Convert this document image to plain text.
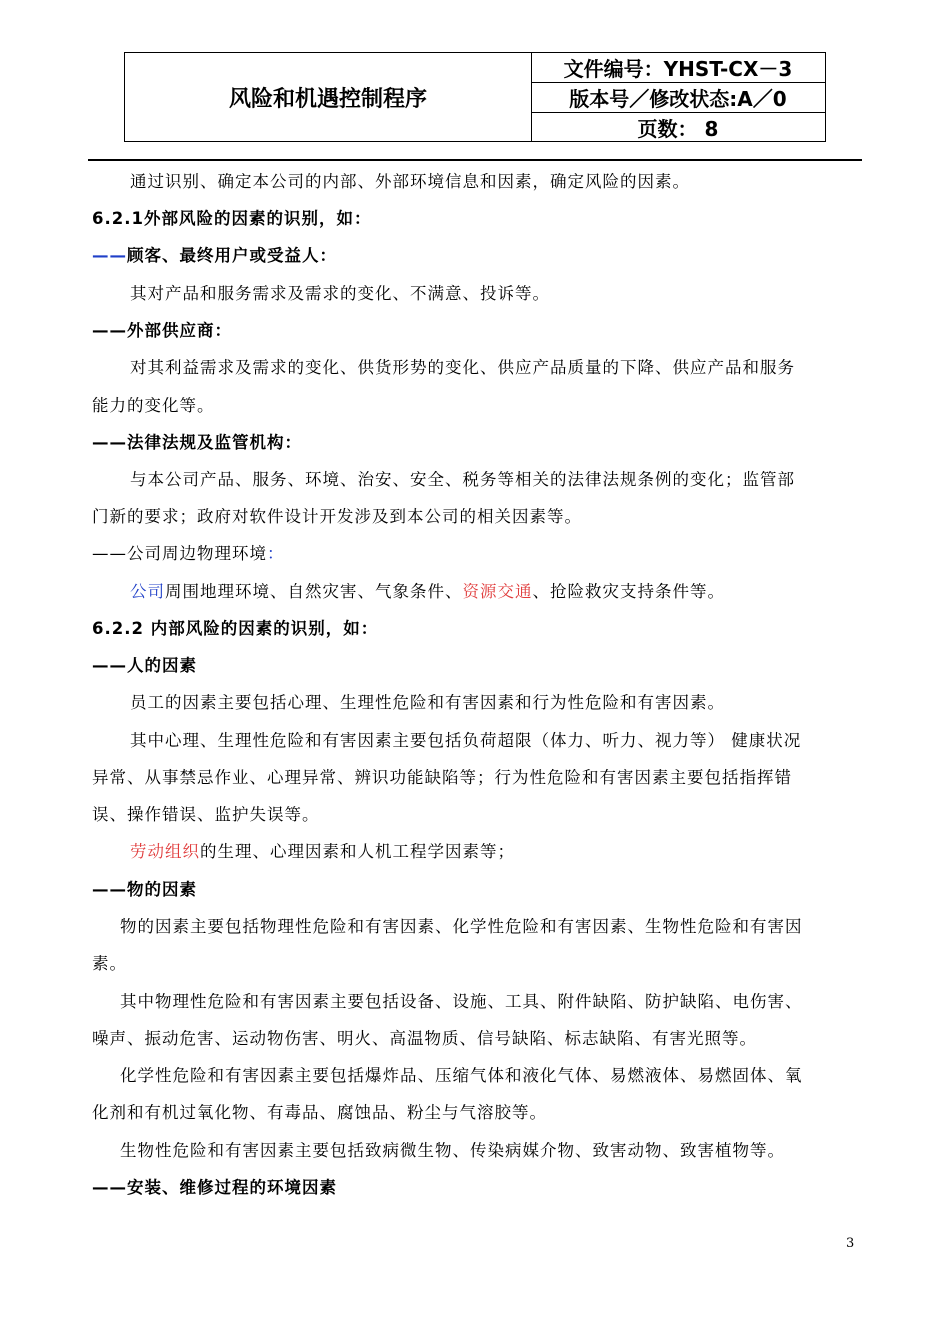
风险和机遇控制程序
文件编号：YHST-CX－3
版本号／修改状态:A／0
页数： 8
通过识别、确定本公司的内部、外部环境信息和因素，确定风险的因素。
6.2.1外部风险的因素的识别，如：
——顾客、最终用户或受益人：
其对产品和服务需求及需求的变化、不满意、投诉等。
——外部供应商：
对其利益需求及需求的变化、供货形势的变化、供应产品质量的下降、供应产品和服务
能力的变化等。
——法律法规及监管机构：
与本公司产品、服务、环境、治安、安全、税务等相关的法律法规条例的变化；监管部
门新的要求；政府对软件设计开发涉及到本公司的相关因素等。
——公司周边物理环境：
公司周围地理环境、自然灾害、气象条件、资源交通、抢险救灾支持条件等。
6.2.2 内部风险的因素的识别，如：
——人的因素
员工的因素主要包括心理、生理性危险和有害因素和行为性危险和有害因素。
其中心理、生理性危险和有害因素主要包括负荷超限（体力、听力、视力等） 健康状况
异常、从事禁忌作业、心理异常、辨识功能缺陷等；行为性危险和有害因素主要包括指挥错
误、操作错误、监护失误等。
劳动组织的生理、心理因素和人机工程学因素等；
——物的因素
物的因素主要包括物理性危险和有害因素、化学性危险和有害因素、生物性危险和有害因
素。
其中物理性危险和有害因素主要包括设备、设施、工具、附件缺陷、防护缺陷、电伤害、
噪声、振动危害、运动物伤害、明火、高温物质、信号缺陷、标志缺陷、有害光照等。
化学性危险和有害因素主要包括爆炸品、压缩气体和液化气体、易燃液体、易燃固体、氧
化剂和有机过氧化物、有毒品、腐蚀品、粉尘与气溶胶等。
生物性危险和有害因素主要包括致病微生物、传染病媒介物、致害动物、致害植物等。
——安装、维修过程的环境因素
3
